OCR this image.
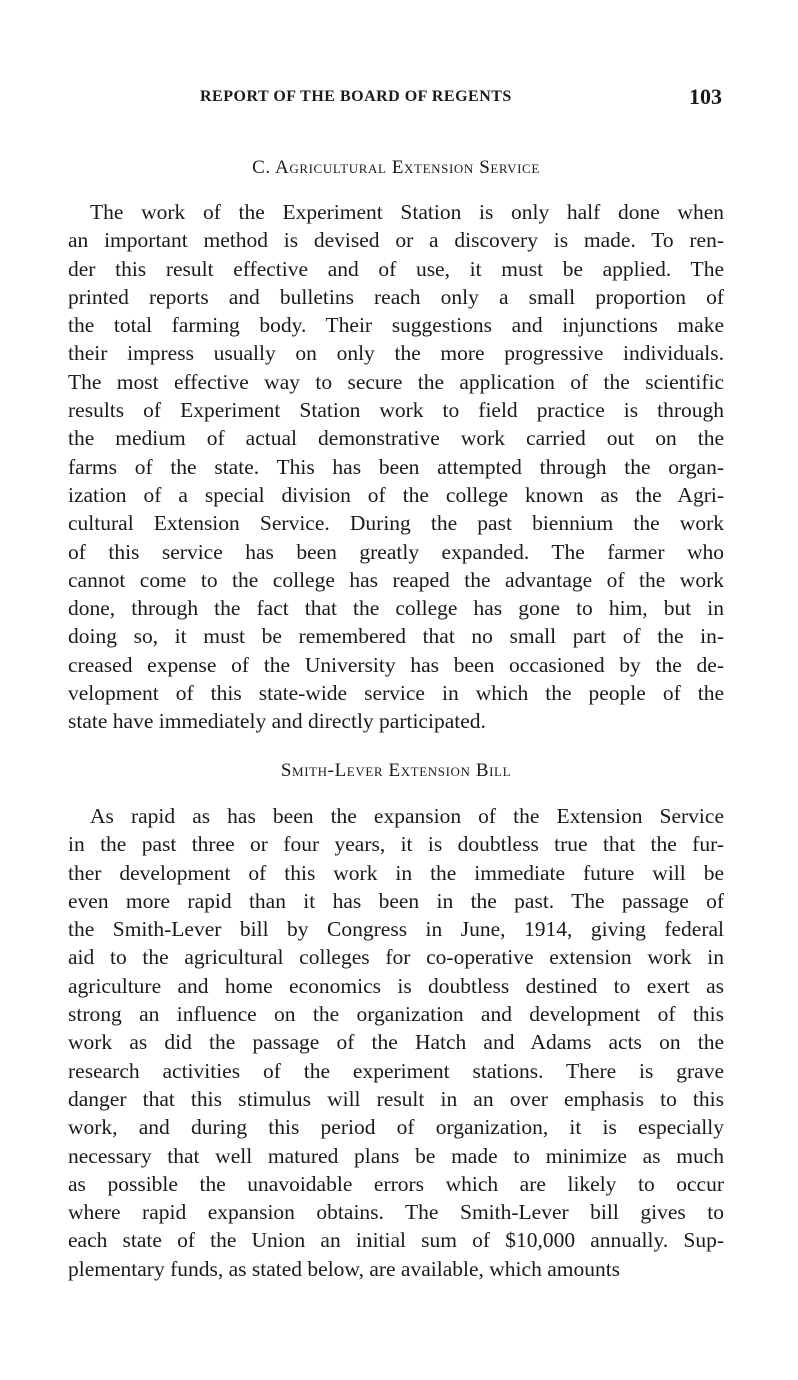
REPORT OF THE BOARD OF REGENTS	103
C. Agricultural Extension Service
The work of the Experiment Station is only half done when
an important method is devised or a discovery is made. To ren-
der this result effective and of use, it must be applied. The
printed reports and bulletins reach only a small proportion of
the total farming body. Their suggestions and injunctions make
their impress usually on only the more progressive individuals.
The most effective way to secure the application of the scientific
results of Experiment Station work to field practice is through
the medium of actual demonstrative work carried out on the
farms of the state. This has been attempted through the organ-
ization of a special division of the college known as the Agri-
cultural Extension Service. During the past biennium the work
of this service has been greatly expanded. The farmer who
cannot come to the college has reaped the advantage of the work
done, through the fact that the college has gone to him, but in
doing so, it must be remembered that no small part of the in-
creased expense of the University has been occasioned by the de-
velopment of this state-wide service in which the people of the
state have immediately and directly participated.
Smith-Lever Extension Bill
As rapid as has been the expansion of the Extension Service
in the past three or four years, it is doubtless true that the fur-
ther development of this work in the immediate future will be
even more rapid than it has been in the past. The passage of
the Smith-Lever bill by Congress in June, 1914, giving federal
aid to the agricultural colleges for co-operative extension work in
agriculture and home economics is doubtless destined to exert as
strong an influence on the organization and development of this
work as did the passage of the Hatch and Adams acts on the
research activities of the experiment stations. There is grave
danger that this stimulus will result in an over emphasis to this
work, and during this period of organization, it is especially
necessary that well matured plans be made to minimize as much
as possible the unavoidable errors which are likely to occur
where rapid expansion obtains. The Smith-Lever bill gives to
each state of the Union an initial sum of $10,000 annually. Sup-
plementary funds, as stated below, are available, which amounts
